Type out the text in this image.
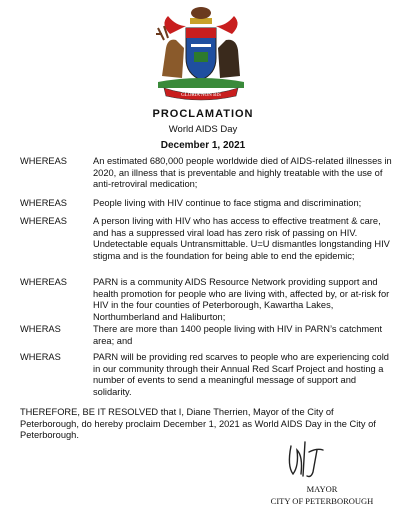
GLORIA NON BIS
PROCLAMATION
World AIDS Day
December 1, 2021
WHEREAS	An estimated 680,000 people worldwide died of AIDS-related illnesses in 2020, an illness that is preventable and highly treatable with the use of anti-retroviral medication;
WHEREAS	People living with HIV continue to face stigma and discrimination;
WHEREAS	A person living with HIV who has access to effective treatment & care, and has a suppressed viral load has zero risk of passing on HIV. Undetectable equals Untransmittable. U=U dismantles longstanding HIV stigma and is the foundation for being able to end the epidemic;
WHEREAS	PARN is a community AIDS Resource Network providing support and health promotion for people who are living with, affected by, or at-risk for HIV in the four counties of Peterborough, Kawartha Lakes, Northumberland and Haliburton;
WHERAS	There are more than 1400 people living with HIV in PARN’s catchment area; and
WHERAS	PARN will be providing red scarves to people who are experiencing cold in our community through their Annual Red Scarf Project and hosting a number of events to send a meaningful message of support and solidarity.
THEREFORE, BE IT RESOLVED that I, Diane Therrien, Mayor of the City of Peterborough, do hereby proclaim December 1, 2021 as World AIDS Day in the City of Peterborough.
MAYOR
CITY OF PETERBOROUGH
